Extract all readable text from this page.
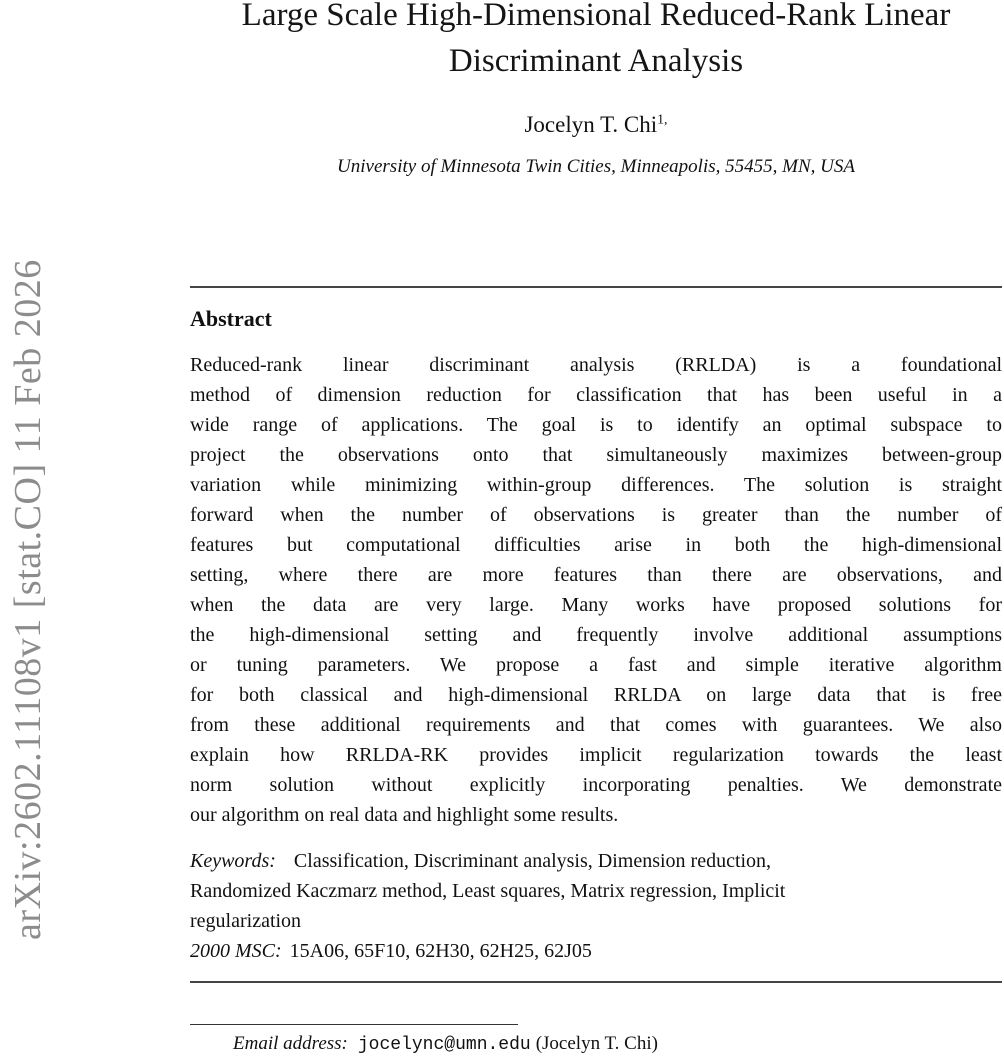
arXiv:2602.11108v1 [stat.CO] 11 Feb 2026
Large Scale High-Dimensional Reduced-Rank Linear
Discriminant Analysis
Jocelyn T. Chi$^{1,}$
University of Minnesota Twin Cities, Minneapolis, 55455, MN, USA
Abstract
Reduced-rank linear discriminant analysis (RRLDA) is a foundational
method of dimension reduction for classification that has been useful in a
wide range of applications. The goal is to identify an optimal subspace to
project the observations onto that simultaneously maximizes between-group
variation while minimizing within-group differences. The solution is straight
forward when the number of observations is greater than the number of
features but computational difficulties arise in both the high-dimensional
setting, where there are more features than there are observations, and
when the data are very large. Many works have proposed solutions for
the high-dimensional setting and frequently involve additional assumptions
or tuning parameters. We propose a fast and simple iterative algorithm
for both classical and high-dimensional RRLDA on large data that is free
from these additional requirements and that comes with guarantees. We also
explain how RRLDA-RK provides implicit regularization towards the least
norm solution without explicitly incorporating penalties. We demonstrate
our algorithm on real data and highlight some results.
Keywords: Classification, Discriminant analysis, Dimension reduction,
Randomized Kaczmarz method, Least squares, Matrix regression, Implicit
regularization
2000 MSC: 15A06, 65F10, 62H30, 62H25, 62J05
Email address: jocelync@umn.edu (Jocelyn T. Chi)
